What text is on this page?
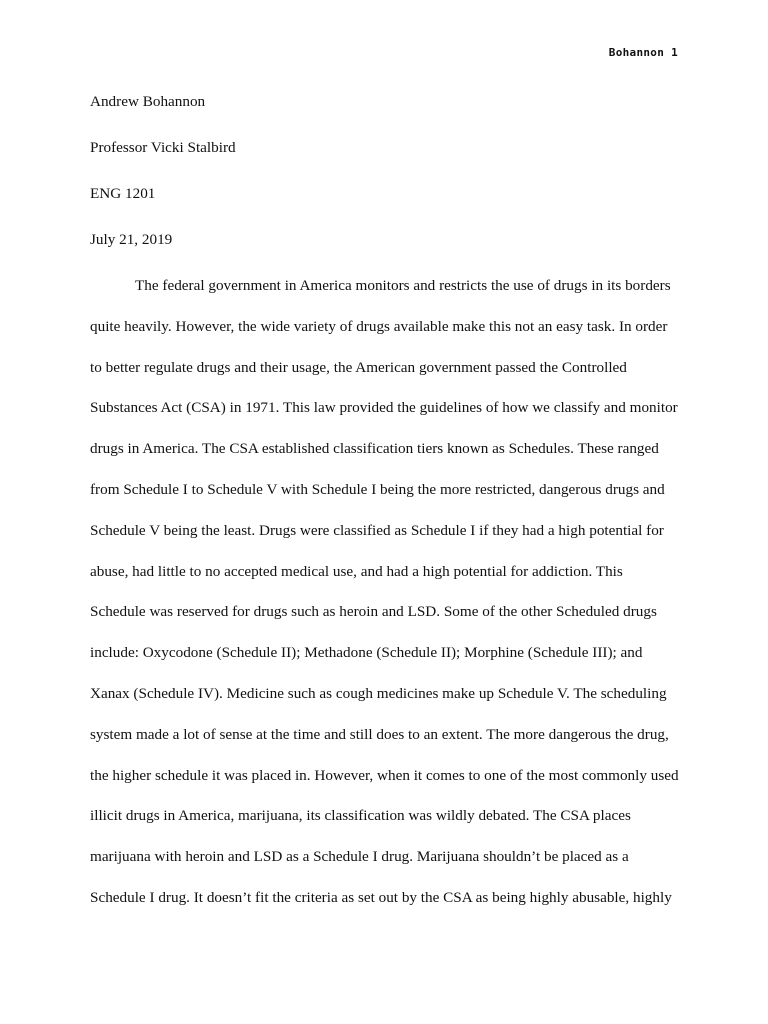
Bohannon 1
Andrew Bohannon
Professor Vicki Stalbird
ENG 1201
July 21, 2019
The federal government in America monitors and restricts the use of drugs in its borders
quite heavily. However, the wide variety of drugs available make this not an easy task. In order
to better regulate drugs and their usage, the American government passed the Controlled
Substances Act (CSA) in 1971. This law provided the guidelines of how we classify and monitor
drugs in America. The CSA established classification tiers known as Schedules. These ranged
from Schedule I to Schedule V with Schedule I being the more restricted, dangerous drugs and
Schedule V being the least. Drugs were classified as Schedule I if they had a high potential for
abuse, had little to no accepted medical use, and had a high potential for addiction. This
Schedule was reserved for drugs such as heroin and LSD. Some of the other Scheduled drugs
include: Oxycodone (Schedule II); Methadone (Schedule II); Morphine (Schedule III); and
Xanax (Schedule IV). Medicine such as cough medicines make up Schedule V. The scheduling
system made a lot of sense at the time and still does to an extent. The more dangerous the drug,
the higher schedule it was placed in. However, when it comes to one of the most commonly used
illicit drugs in America, marijuana, its classification was wildly debated. The CSA places
marijuana with heroin and LSD as a Schedule I drug. Marijuana shouldn’t be placed as a
Schedule I drug. It doesn’t fit the criteria as set out by the CSA as being highly abusable, highly
